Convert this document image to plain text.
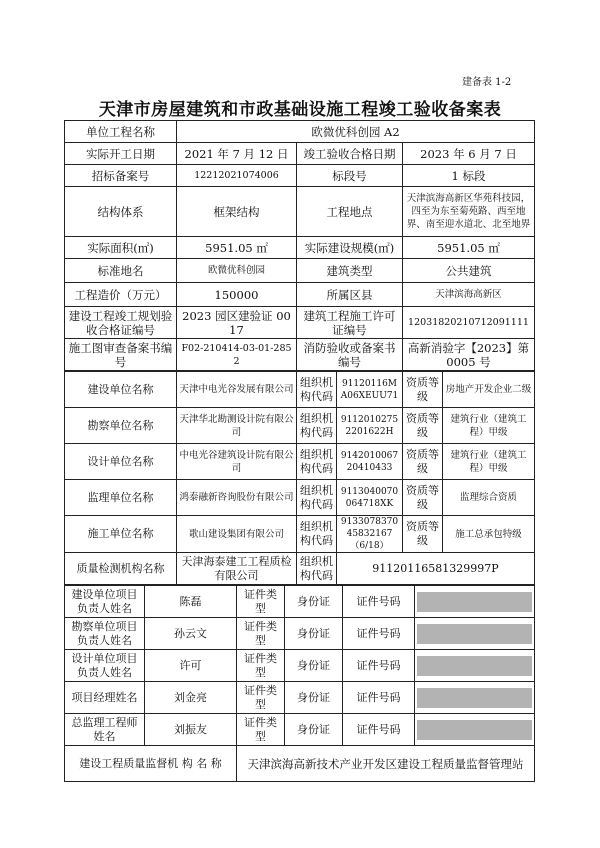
建备表 1-2
天津市房屋建筑和市政基础设施工程竣工验收备案表
单位工程名称	欧微优科创园 A2		
实际开工日期	2021 年 7 月 12 日	竣工验收合格日期	2023 年 6 月 7 日
招标备案号	12212021074006	标段号	1 标段
结构体系	框架结构	工程地点	天津滨海高新区华苑科技园，四至为东至菊苑路、西至地界、南至迎水道北、北至地界
实际面积(㎡)	5951.05 ㎡	实际建设规模(㎡)	5951.05 ㎡
标准地名	欧微优科创园	建筑类型	公共建筑
工程造价（万元）	150000	所属区县	天津滨海高新区
建设工程竣工规划验收合格证编号	2023 园区建验证 0017	建筑工程施工许可证编号	12031820210712091111
施工图审查备案书编号	F02-210414-03-01-2852	消防验收或备案书编号	高新消验字【2023】第 0005 号
建设单位名称	天津中电光谷发展有限公司	组织机构代码	91120116MA06XEUU71	资质等级	房地产开发企业二级
勘察单位名称	天津华北勘测设计院有限公司	组织机构代码	91120102752201622H	资质等级	建筑行业（建筑工程）甲级
设计单位名称	中电光谷建筑设计院有限公司	组织机构代码	914201006720410433	资质等级	建筑行业（建筑工程）甲级
监理单位名称	鸿泰融新咨询股份有限公司	组织机构代码	9113040070064718XK	资质等级	监理综合资质
施工单位名称	歌山建设集团有限公司	组织机构代码	913307837045832167（6/18）	资质等级	施工总承包特级
质量检测机构名称	天津海泰建工工程质检有限公司	组织机构代码	91120116581329997P		
建设单位项目负责人姓名	陈磊	证件类型	身份证	证件号码	

勘察单位项目负责人姓名	孙云文	证件类型	身份证	证件号码	

设计单位项目负责人姓名	许可	证件类型	身份证	证件号码	

项目经理姓名	刘金亮	证件类型	身份证	证件号码	

总监理工程师姓名	刘振友	证件类型	身份证	证件号码	

建设工程质量监督机 构 名 称		天津滨海高新技术产业开发区建设工程质量监督管理站			
